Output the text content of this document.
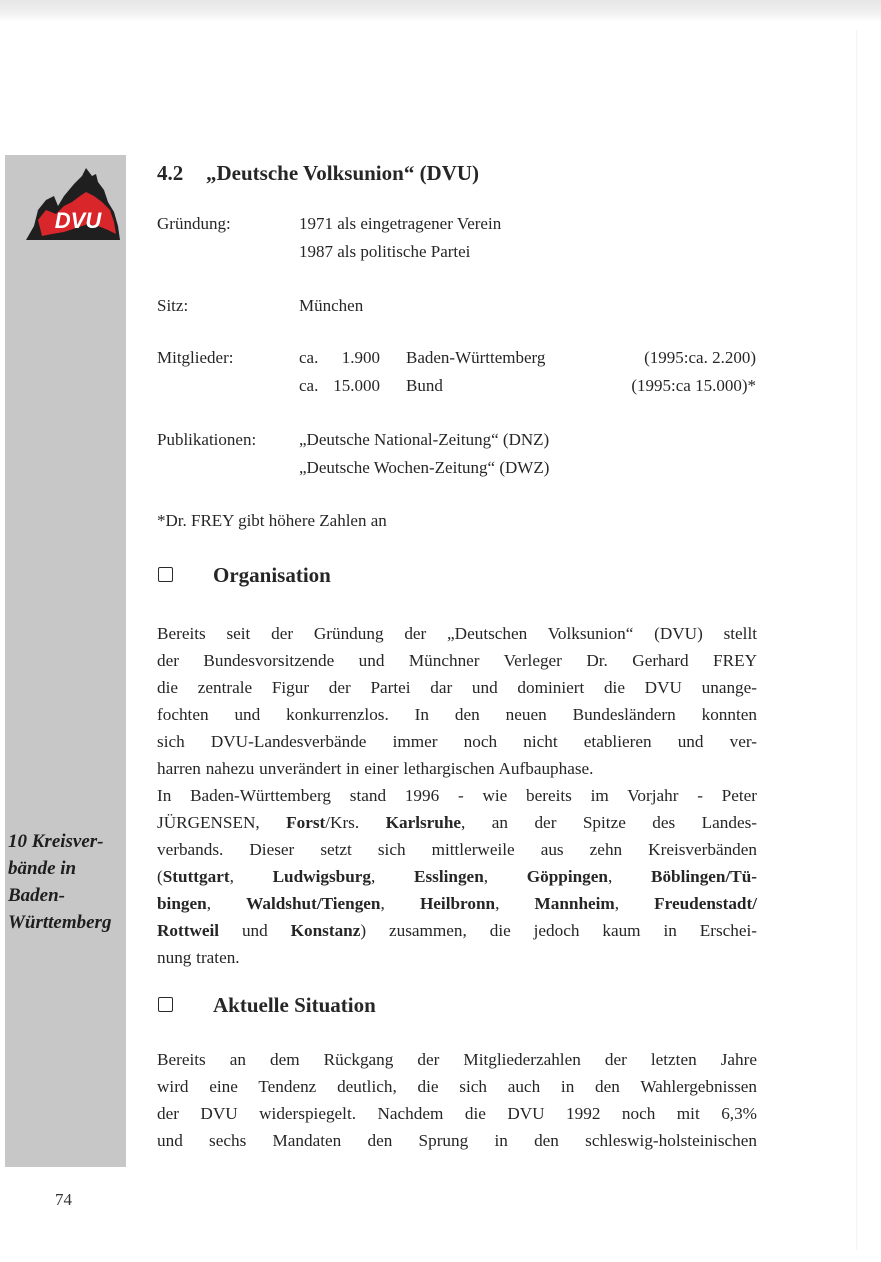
DVU
10 Kreisver-
bände in
Baden-
Württemberg
74
4.2 „Deutsche Volksunion“ (DVU)
Gründung:	1971 als eingetragener Verein
1987 als politische Partei
Sitz:	München
Mitglieder:	ca.	1.900 Baden-Württemberg	(1995:ca. 2.200)
ca. 15.000 Bund	(1995:ca 15.000)*
Publikationen:	„Deutsche National-Zeitung“ (DNZ)
„Deutsche Wochen-Zeitung“ (DWZ)
*Dr. FREY gibt höhere Zahlen an
Organisation
Bereits seit der Gründung der „Deutschen Volksunion“ (DVU) stellt
der Bundesvorsitzende und Münchner Verleger Dr. Gerhard FREY
die zentrale Figur der Partei dar und dominiert die DVU unange-
fochten und konkurrenzlos. In den neuen Bundesländern konnten
sich DVU-Landesverbände immer noch nicht etablieren und ver-
harren nahezu unverändert in einer lethargischen Aufbauphase.
In Baden-Württemberg stand 1996 - wie bereits im Vorjahr - Peter
JÜRGENSEN, Forst/Krs. Karlsruhe, an der Spitze des Landes-
verbands. Dieser setzt sich mittlerweile aus zehn Kreisverbänden
(Stuttgart, Ludwigsburg, Esslingen, Göppingen, Böblingen/Tü-
bingen, Waldshut/Tiengen, Heilbronn, Mannheim, Freudenstadt/
Rottweil und Konstanz) zusammen, die jedoch kaum in Erschei-
nung traten.
Aktuelle Situation
Bereits an dem Rückgang der Mitgliederzahlen der letzten Jahre
wird eine Tendenz deutlich, die sich auch in den Wahlergebnissen
der DVU widerspiegelt. Nachdem die DVU 1992 noch mit 6,3%
und sechs Mandaten den Sprung in den schleswig-holsteinischen
